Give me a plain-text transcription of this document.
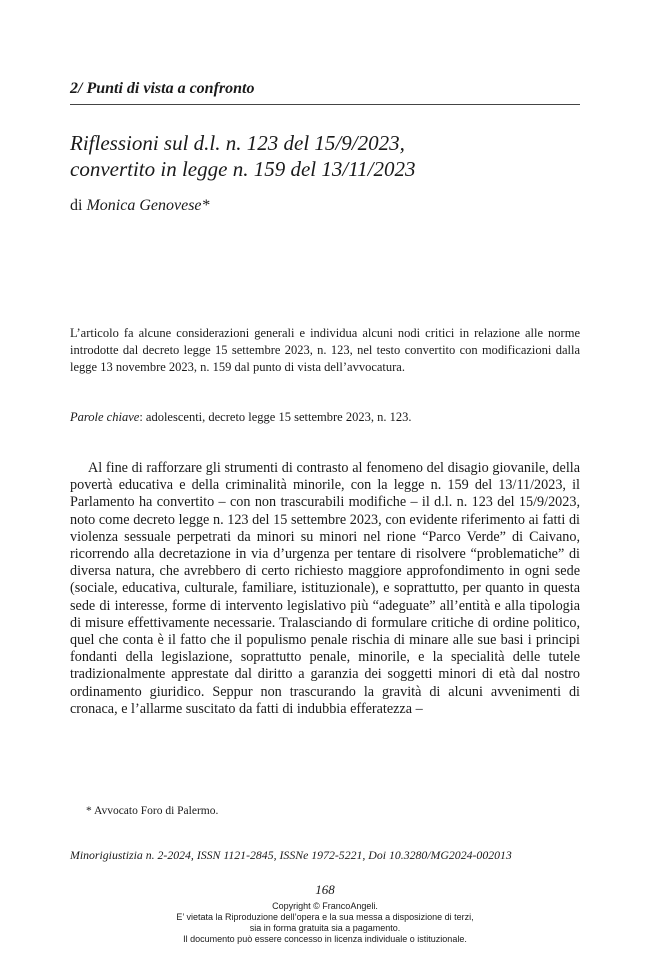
2/ Punti di vista a confronto
Riflessioni sul d.l. n. 123 del 15/9/2023,
convertito in legge n. 159 del 13/11/2023
di Monica Genovese*

L’articolo fa alcune considerazioni generali e individua alcuni nodi critici in relazione alle norme introdotte dal decreto legge 15 settembre 2023, n. 123, nel testo convertito con modificazioni dalla legge 13 novembre 2023, n. 159 dal punto di vista dell’avvocatura.

Parole chiave: adolescenti, decreto legge 15 settembre 2023, n. 123.

Al fine di rafforzare gli strumenti di contrasto al fenomeno del disagio giovanile, della povertà educativa e della criminalità minorile, con la legge n. 159 del 13/11/2023, il Parlamento ha convertito – con non trascurabili modifiche – il d.l. n. 123 del 15/9/2023, noto come decreto legge n. 123 del 15 settembre 2023, con evidente riferimento ai fatti di violenza sessuale perpetrati da minori su minori nel rione “Parco Verde” di Caivano, ricorrendo alla decretazione in via d’urgenza per tentare di risolvere “problematiche” di diversa natura, che avrebbero di certo richiesto maggiore approfondimento in ogni sede (sociale, educativa, culturale, familiare, istituzionale), e soprattutto, per quanto in questa sede di interesse, forme di intervento legislativo più “adeguate” all’entità e alla tipologia di misure effettivamente necessarie. Tralasciando di formulare critiche di ordine politico, quel che conta è il fatto che il populismo penale rischia di minare alle sue basi i principi fondanti della legislazione, soprattutto penale, minorile, e la specialità delle tutele tradizionalmente apprestate dal diritto a garanzia dei soggetti minori di età dal nostro ordinamento giuridico. Seppur non trascurando la gravità di alcuni avvenimenti di cronaca, e l’allarme suscitato da fatti di indubbia efferatezza –

* Avvocato Foro di Palermo.
Minorigiustizia n. 2-2024, ISSN 1121-2845, ISSNe 1972-5221, Doi 10.3280/MG2024-002013
168
Copyright © FrancoAngeli.
E’ vietata la Riproduzione dell’opera e la sua messa a disposizione di terzi,
sia in forma gratuita sia a pagamento.
Il documento può essere concesso in licenza individuale o istituzionale.
